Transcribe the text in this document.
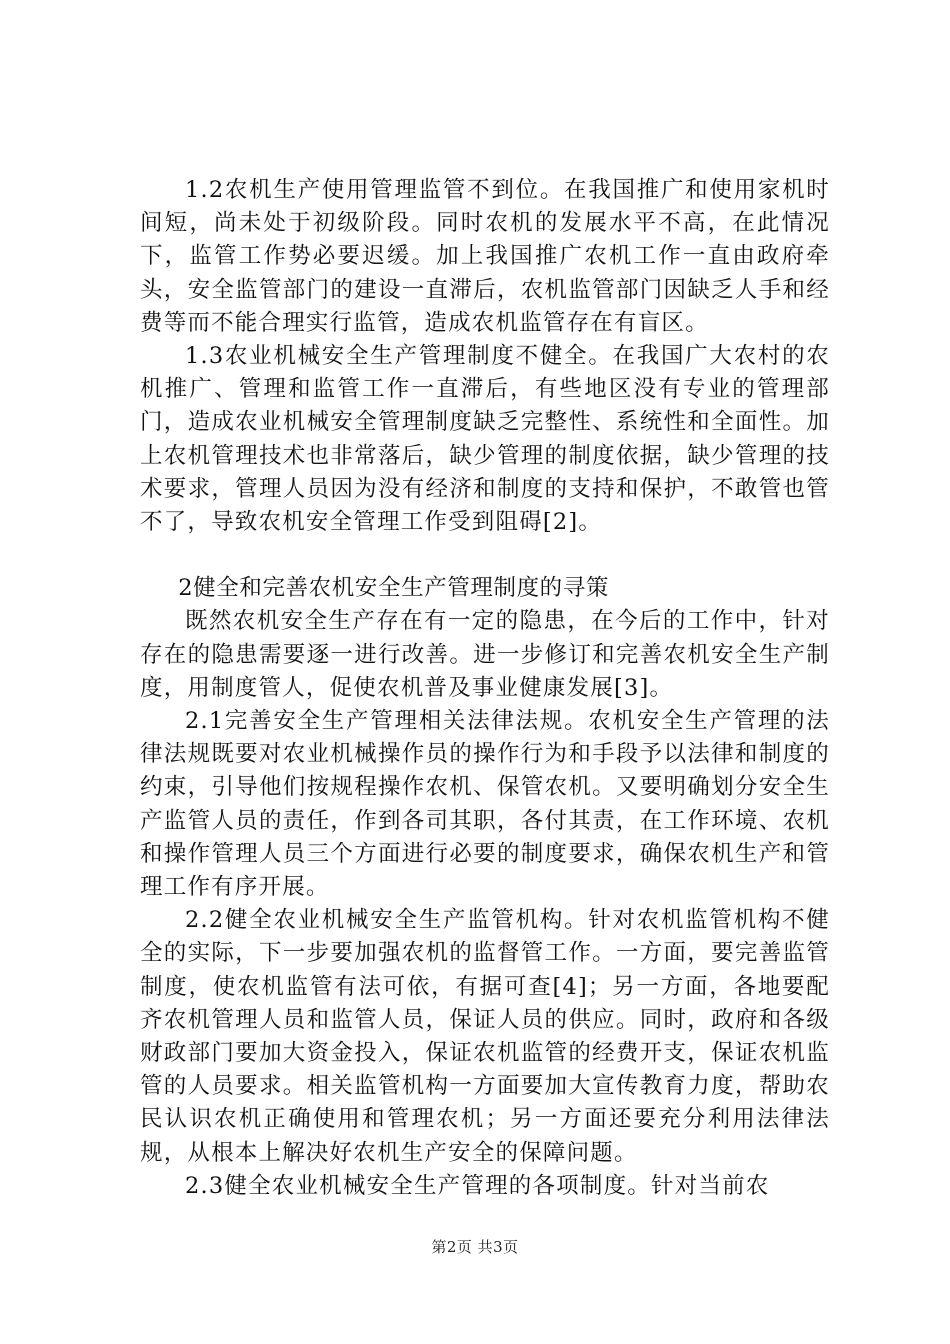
1.2农机生产使用管理监管不到位。在我国推广和使用家机时间短，尚未处于初级阶段。同时农机的发展水平不高，在此情况下，监管工作势必要迟缓。加上我国推广农机工作一直由政府牵头，安全监管部门的建设一直滞后，农机监管部门因缺乏人手和经费等而不能合理实行监管，造成农机监管存在有盲区。

1.3农业机械安全生产管理制度不健全。在我国广大农村的农机推广、管理和监管工作一直滞后，有些地区没有专业的管理部门，造成农业机械安全管理制度缺乏完整性、系统性和全面性。加上农机管理技术也非常落后，缺少管理的制度依据，缺少管理的技术要求，管理人员因为没有经济和制度的支持和保护，不敢管也管不了，导致农机安全管理工作受到阻碍[2]。

2健全和完善农机安全生产管理制度的寻策

既然农机安全生产存在有一定的隐患，在今后的工作中，针对存在的隐患需要逐一进行改善。进一步修订和完善农机安全生产制度，用制度管人，促使农机普及事业健康发展[3]。

2.1完善安全生产管理相关法律法规。农机安全生产管理的法律法规既要对农业机械操作员的操作行为和手段予以法律和制度的约束，引导他们按规程操作农机、保管农机。又要明确划分安全生产监管人员的责任，作到各司其职，各付其责，在工作环境、农机和操作管理人员三个方面进行必要的制度要求，确保农机生产和管理工作有序开展。

2.2健全农业机械安全生产监管机构。针对农机监管机构不健全的实际，下一步要加强农机的监督管工作。一方面，要完善监管制度，使农机监管有法可依，有据可查[4]；另一方面，各地要配齐农机管理人员和监管人员，保证人员的供应。同时，政府和各级财政部门要加大资金投入，保证农机监管的经费开支，保证农机监管的人员要求。相关监管机构一方面要加大宣传教育力度，帮助农民认识农机正确使用和管理农机；另一方面还要充分利用法律法规，从根本上解决好农机生产安全的保障问题。

2.3健全农业机械安全生产管理的各项制度。针对当前农

第2页 共3页
